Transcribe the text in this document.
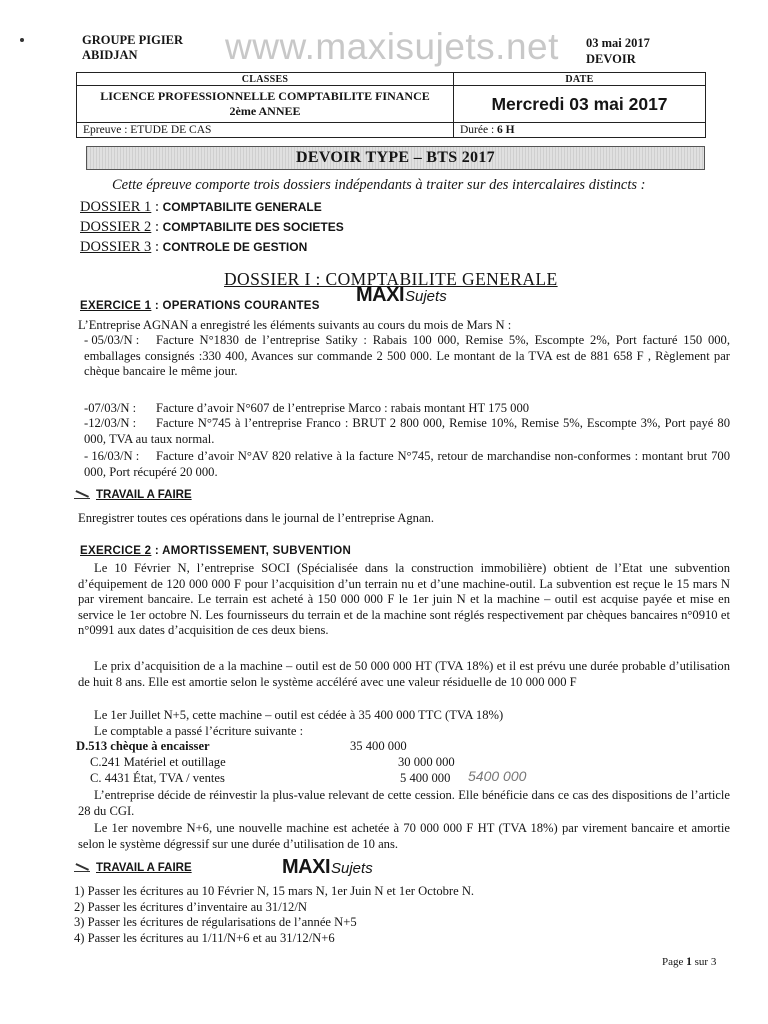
GROUPE PIGIER
ABIDJAN	www.maxisujets.net 03 mai 2017
DEVOIR
CLASSES	DATE

LICENCE PROFESSIONNELLE COMPTABILITE FINANCE
2ème ANNEE	Mercredi 03 mai 2017
Epreuve : ETUDE DE CAS	Durée : 6 H
DEVOIR TYPE – BTS 2017
Cette épreuve comporte trois dossiers indépendants à traiter sur des intercalaires distincts :
DOSSIER 1 : COMPTABILITE GENERALE
DOSSIER 2 : COMPTABILITE DES SOCIETES
DOSSIER 3 : CONTROLE DE GESTION
DOSSIER I : COMPTABILITE GENERALE
EXERCICE 1 : OPERATIONS COURANTES MAXISujets
L’Entreprise AGNAN a enregistré les éléments suivants au cours du mois de Mars N :
- 05/03/N : Facture N°1830 de l’entreprise Satiky : Rabais 100 000, Remise 5%, Escompte 2%, Port facturé 150 000, emballages consignés :330 400, Avances sur commande 2 500 000. Le montant de la TVA est de 881 658 F , Règlement par chèque bancaire le même jour.
-07/03/N : Facture d’avoir N°607 de l’entreprise Marco : rabais montant HT 175 000
-12/03/N : Facture N°745 à l’entreprise Franco : BRUT 2 800 000, Remise 10%, Remise 5%, Escompte 3%, Port payé 80 000, TVA au taux normal.
- 16/03/N : Facture d’avoir N°AV 820 relative à la facture N°745, retour de marchandise non-conformes : montant brut 700 000, Port récupéré 20 000.
TRAVAIL A FAIRE
Enregistrer toutes ces opérations dans le journal de l’entreprise Agnan.
EXERCICE 2 : AMORTISSEMENT, SUBVENTION
Le 10 Février N, l’entreprise SOCI (Spécialisée dans la construction immobilière) obtient de l’Etat une subvention d’équipement de 120 000 000 F pour l’acquisition d’un terrain nu et d’une machine-outil. La subvention est reçue le 15 mars N par virement bancaire. Le terrain est acheté à 150 000 000 F le 1er juin N et la machine – outil est acquise payée et mise en service le 1er octobre N. Les fournisseurs du terrain et de la machine sont réglés respectivement par chèques bancaires n°0910 et n°0991 aux dates d’acquisition de ces deux biens.
Le prix d’acquisition de a la machine – outil est de 50 000 000 HT (TVA 18%) et il est prévu une durée probable d’utilisation de huit 8 ans. Elle est amortie selon le système accéléré avec une valeur résiduelle de 10 000 000 F
Le 1er Juillet N+5, cette machine – outil est cédée à 35 400 000 TTC (TVA 18%)
Le comptable a passé l’écriture suivante :
D.513 chèque à encaisser	35 400 000
C.241 Matériel et outillage	30 000 000
C. 4431 État, TVA / ventes	5 400 000 5400 000
L’entreprise décide de réinvestir la plus-value relevant de cette cession. Elle bénéficie dans ce cas des dispositions de l’article 28 du CGI.
Le 1er novembre N+6, une nouvelle machine est achetée à 70 000 000 F HT (TVA 18%) par virement bancaire et amortie selon le système dégressif sur une durée d’utilisation de 10 ans.
TRAVAIL A FAIRE	MAXISujets
1) Passer les écritures au 10 Février N, 15 mars N, 1er Juin N et 1er Octobre N.
2) Passer les écritures d’inventaire au 31/12/N
3) Passer les écritures de régularisations de l’année N+5
4) Passer les écritures au 1/11/N+6 et au 31/12/N+6
Page 1 sur 3
